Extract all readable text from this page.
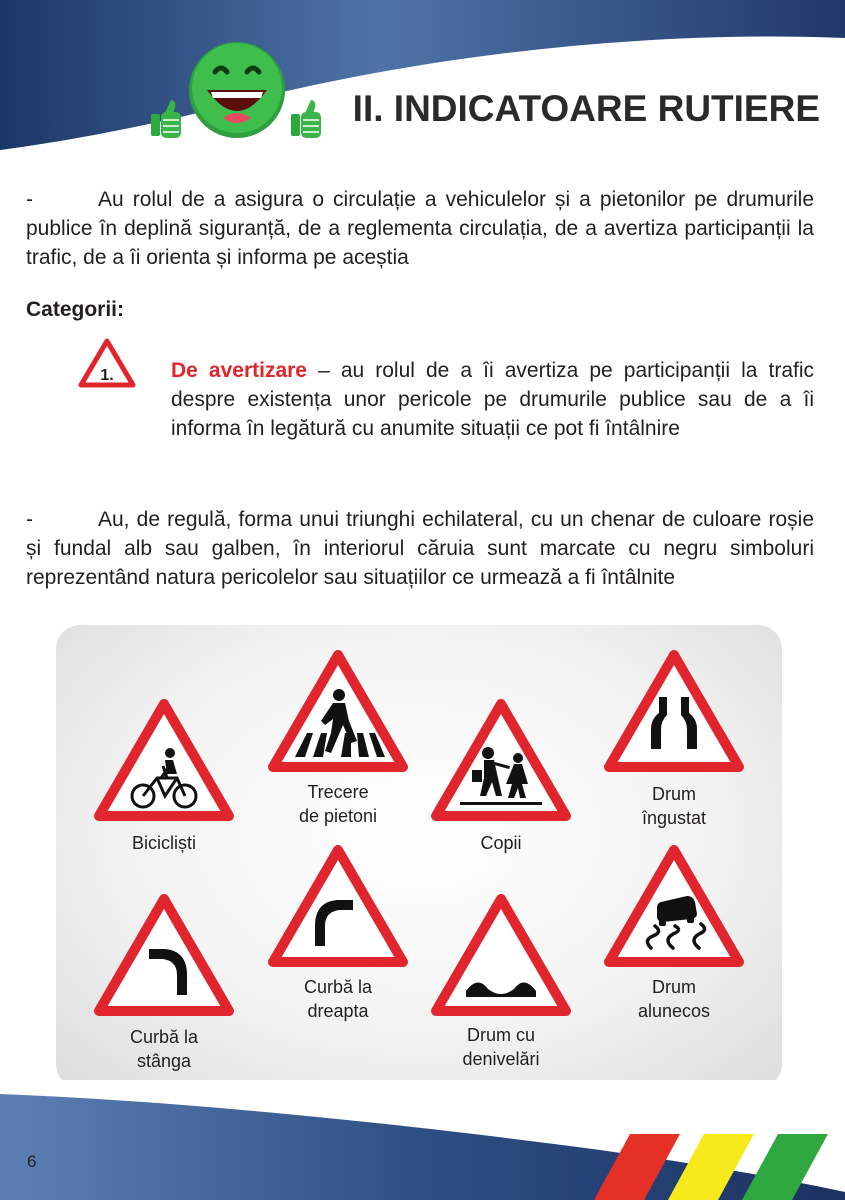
II. INDICATOARE RUTIERE
-	Au rolul de a asigura o circulație a vehiculelor și a pietonilor pe drumurile publice în deplină siguranță, de a reglementa circulația, de a avertiza participanții la trafic, de a îi orienta și informa pe aceștia
Categorii:
1.	De avertizare – au rolul de a îi avertiza pe participanții la trafic despre existența unor pericole pe drumurile publice sau de a îi informa în legătură cu anumite situații ce pot fi întâlnire
-	Au, de regulă, forma unui triunghi echilateral, cu un chenar de culoare roșie și fundal alb sau galben, în interiorul căruia sunt marcate cu negru simboluri reprezentând natura pericolelor sau situațiilor ce urmează a fi întâlnite
Bicicliști
Trecere
de pietoni
Copii
Drum
îngustat
Curbă la
stânga
Curbă la
dreapta
Drum cu
denivelări
Drum
alunecos
6
